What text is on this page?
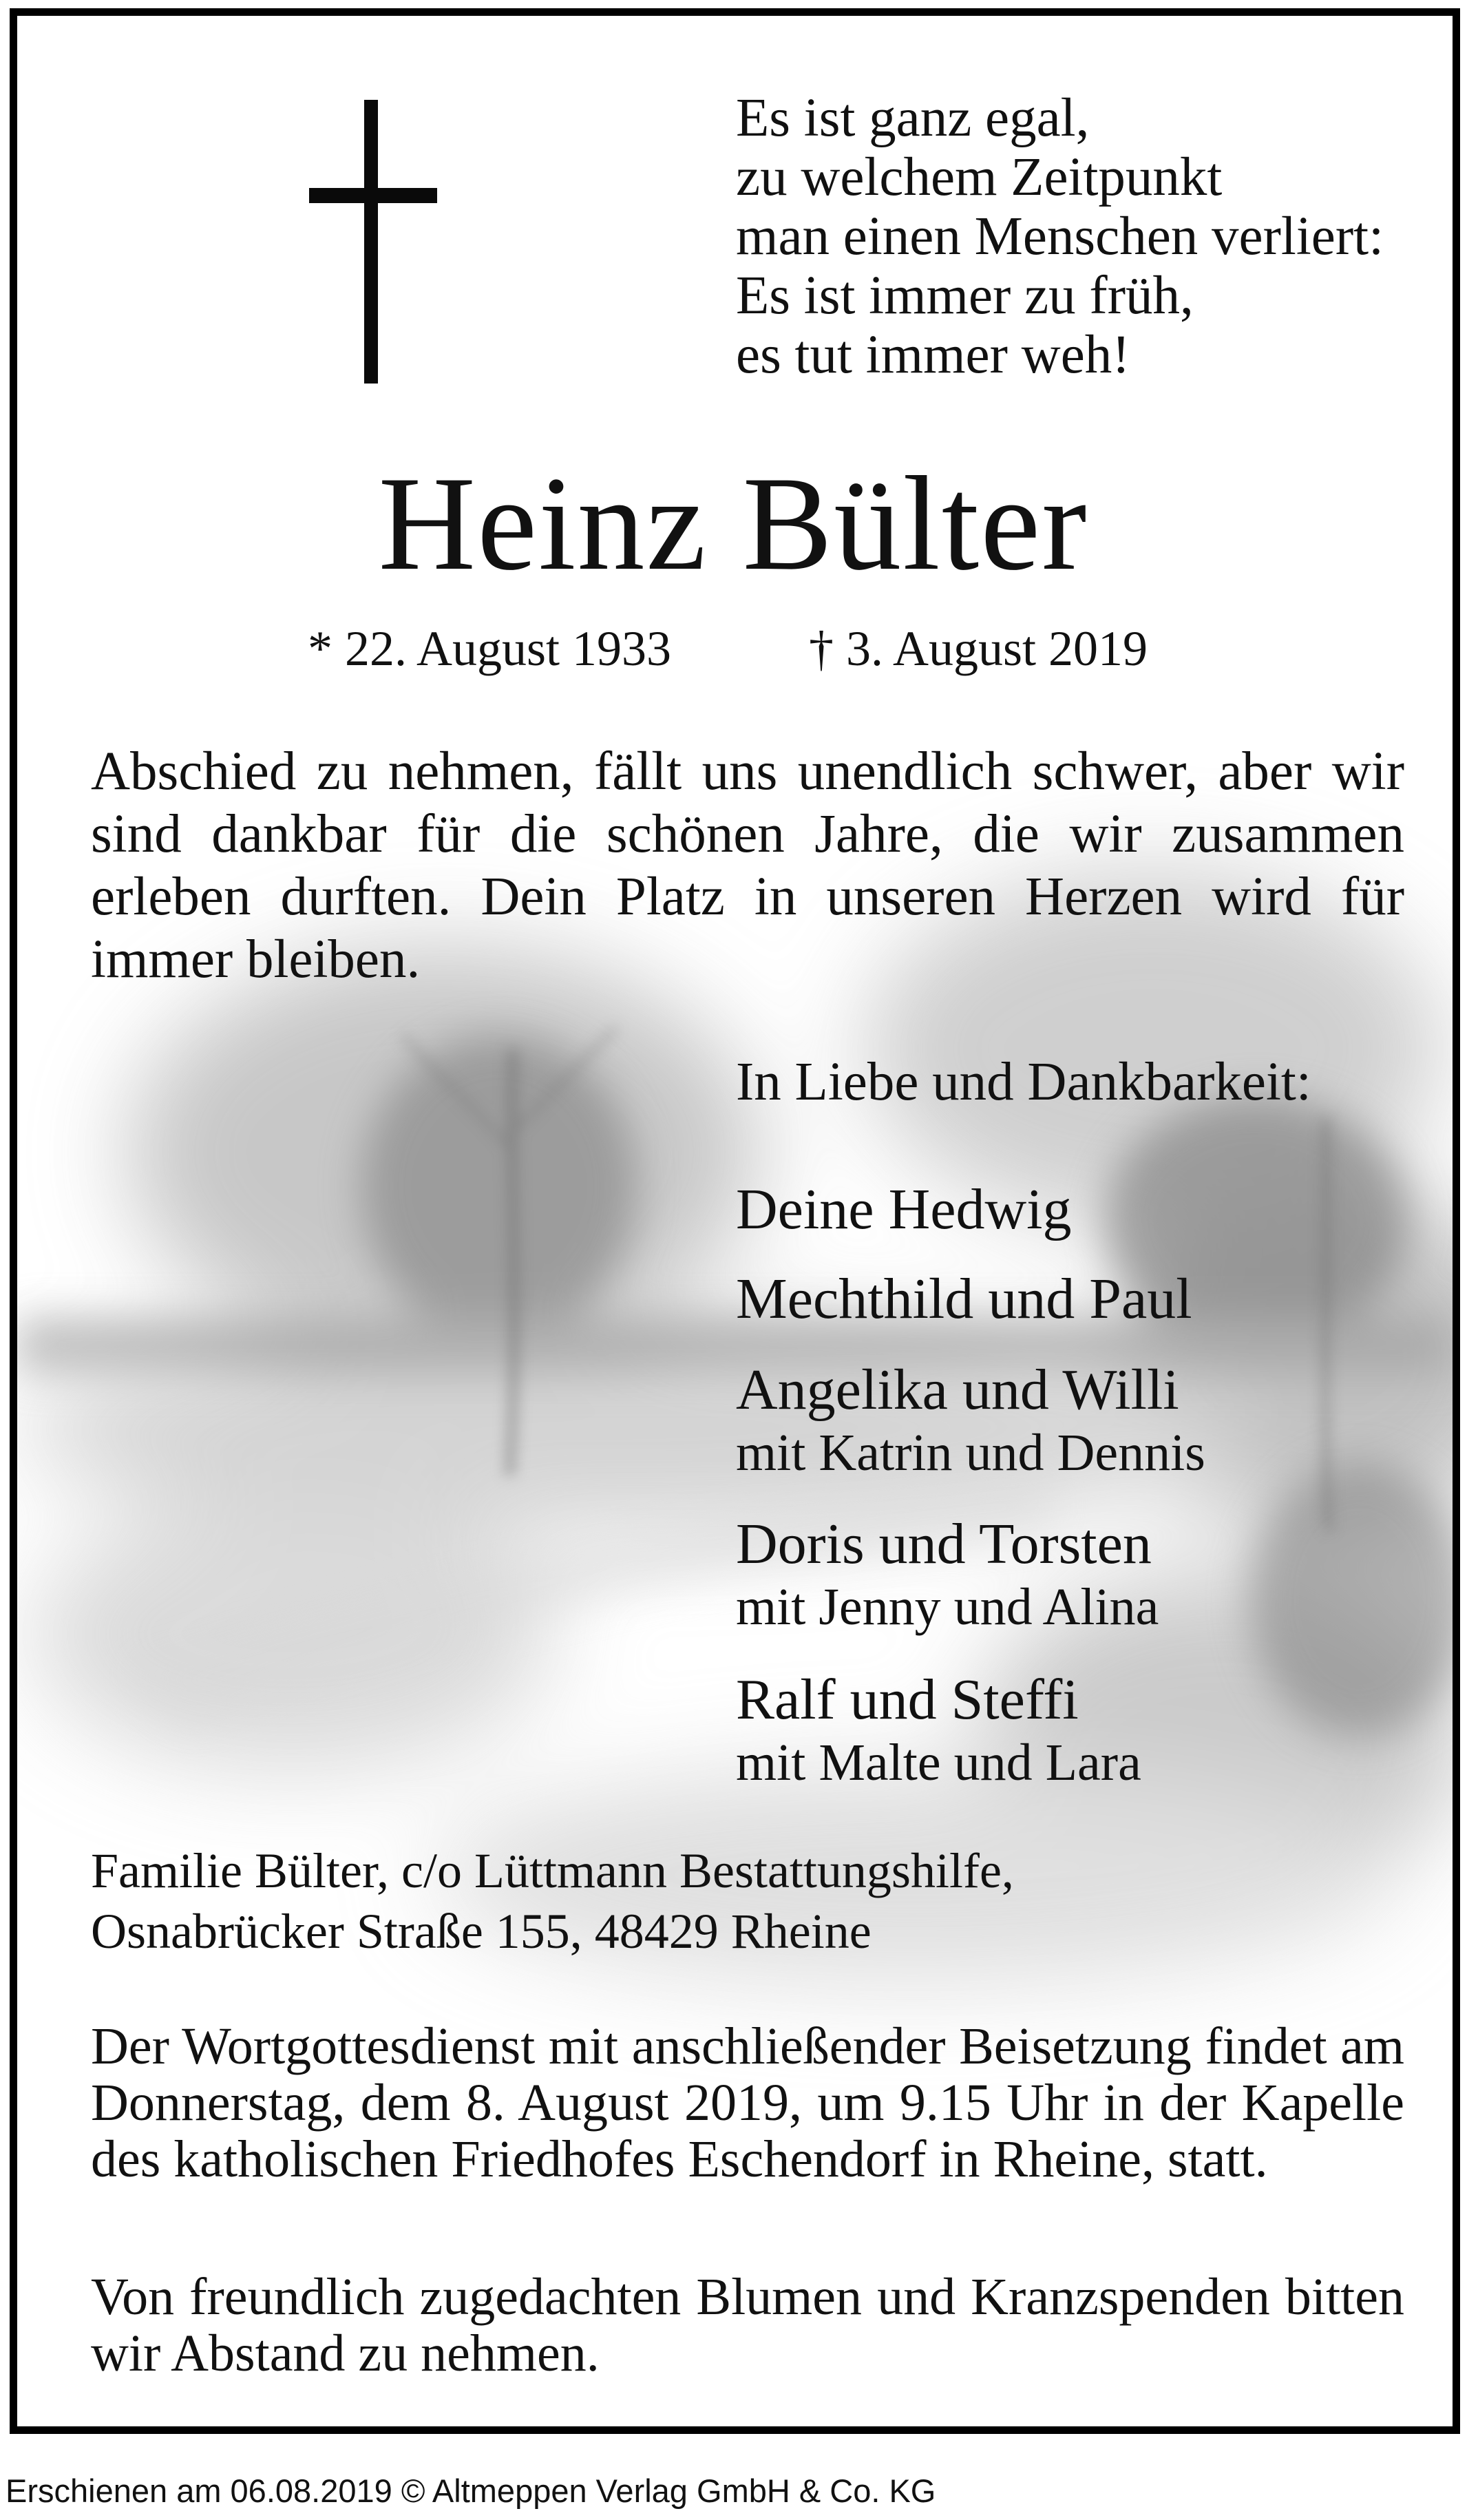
Es ist ganz egal,
zu welchem Zeitpunkt
man einen Menschen verliert:
Es ist immer zu früh,
es tut immer weh!
Heinz Bülter
* 22. August 1933	† 3. August 2019
Abschied zu nehmen, fällt uns unendlich schwer, aber wir sind dankbar für die schönen Jahre, die wir zusammen erleben durften. Dein Platz in unseren Herzen wird für immer bleiben.
In Liebe und Dankbarkeit:
Deine Hedwig
Mechthild und Paul
Angelika und Willi
mit Katrin und Dennis
Doris und Torsten
mit Jenny und Alina
Ralf und Steffi
mit Malte und Lara
Familie Bülter, c/o Lüttmann Bestattungshilfe,
Osnabrücker Straße 155, 48429 Rheine
Der Wortgottesdienst mit anschließender Beisetzung findet am Donnerstag, dem 8. August 2019, um 9.15 Uhr in der Kapelle des katholischen Friedhofes Eschendorf in Rheine, statt.
Von freundlich zugedachten Blumen und Kranzspenden bitten wir Abstand zu nehmen.
Erschienen am 06.08.2019 © Altmeppen Verlag GmbH & Co. KG
